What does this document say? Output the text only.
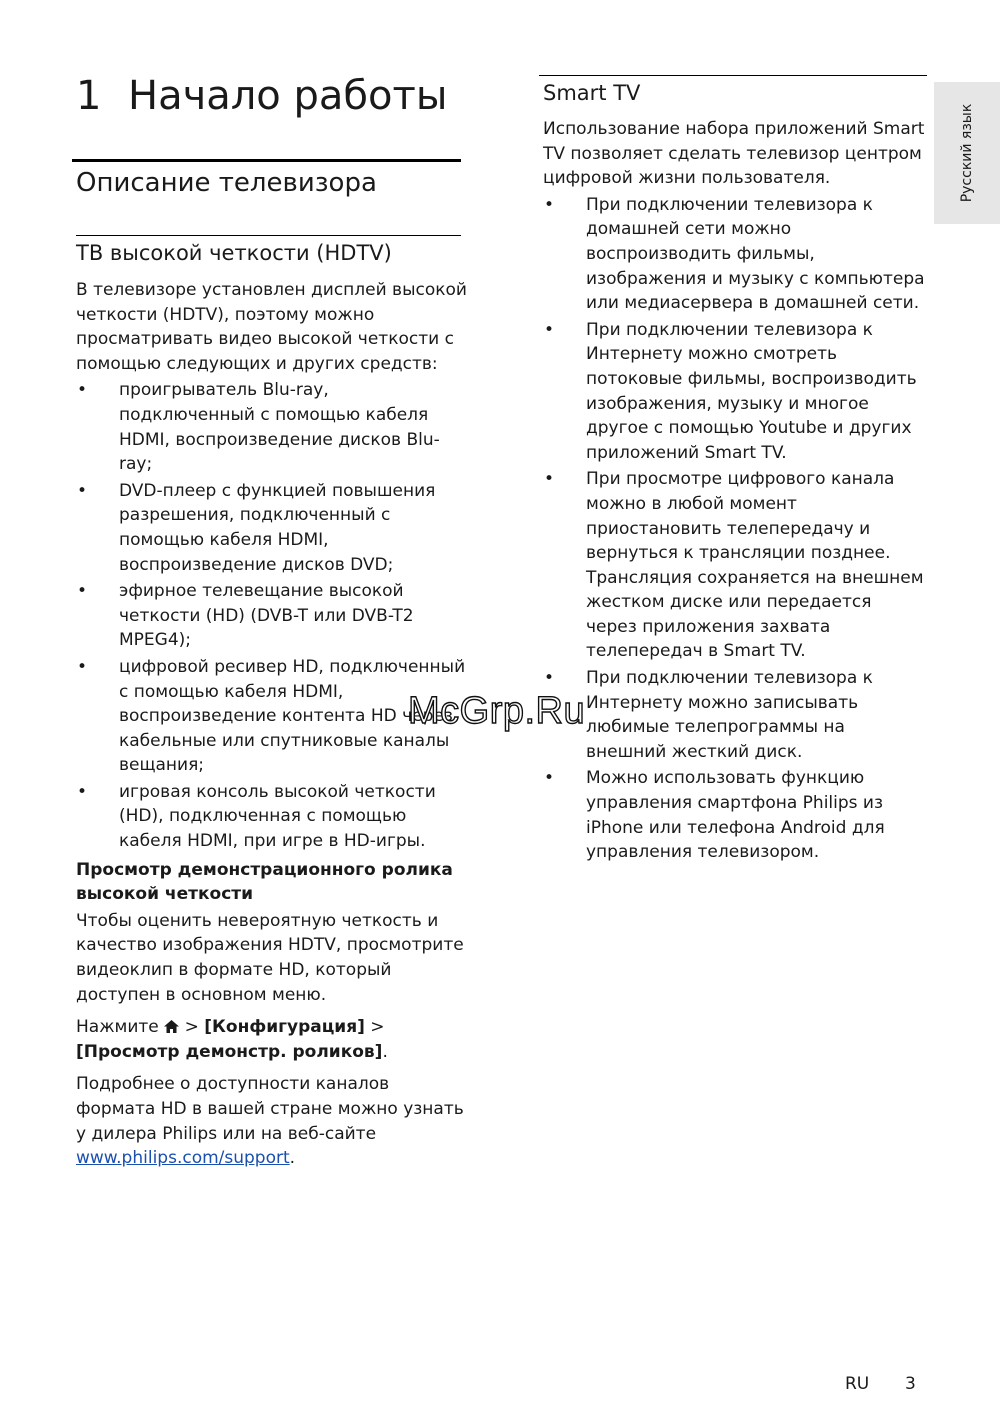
1 Начало работы
Описание телевизора
ТВ высокой четкости (HDTV)

В телевизоре установлен дисплей высокой четкости (HDTV), поэтому можно просматривать видео высокой четкости с помощью следующих и других средств:

• проигрыватель Blu-ray, подключенный с помощью кабеля HDMI, воспроизведение дисков Blu-ray;
• DVD-плеер с функцией повышения разрешения, подключенный с помощью кабеля HDMI, воспроизведение дисков DVD;
• эфирное телевещание высокой четкости (HD) (DVB-T или DVB-T2 MPEG4);
• цифровой ресивер HD, подключенный с помощью кабеля HDMI, воспроизведение контента HD через кабельные или спутниковые каналы вещания;
• игровая консоль высокой четкости (HD), подключенная с помощью кабеля HDMI, при игре в HD-игры.

Просмотр демонстрационного ролика высокой четкости

Чтобы оценить невероятную четкость и качество изображения HDTV, просмотрите видеоклип в формате HD, который доступен в основном меню.

Нажмите  > [Конфигурация] > [Просмотр демонстр. роликов].

Подробнее о доступности каналов формата HD в вашей стране можно узнать у дилера Philips или на веб-сайте www.philips.com/support.

Smart TV

Использование набора приложений Smart TV позволяет сделать телевизор центром цифровой жизни пользователя.

• При подключении телевизора к домашней сети можно воспроизводить фильмы, изображения и музыку с компьютера или медиасервера в домашней сети.
• При подключении телевизора к Интернету можно смотреть потоковые фильмы, воспроизводить изображения, музыку и многое другое с помощью Youtube и других приложений Smart TV.
• При просмотре цифрового канала можно в любой момент приостановить телепередачу и вернуться к трансляции позднее. Трансляция сохраняется на внешнем жестком диске или передается через приложения захвата телепередач в Smart TV.
• При подключении телевизора к Интернету можно записывать любимые телепрограммы на внешний жесткий диск.
• Можно использовать функцию управления смартфона Philips из iPhone или телефона Android для управления телевизором.
Русский язык
RU 3
McGrp.Ru
